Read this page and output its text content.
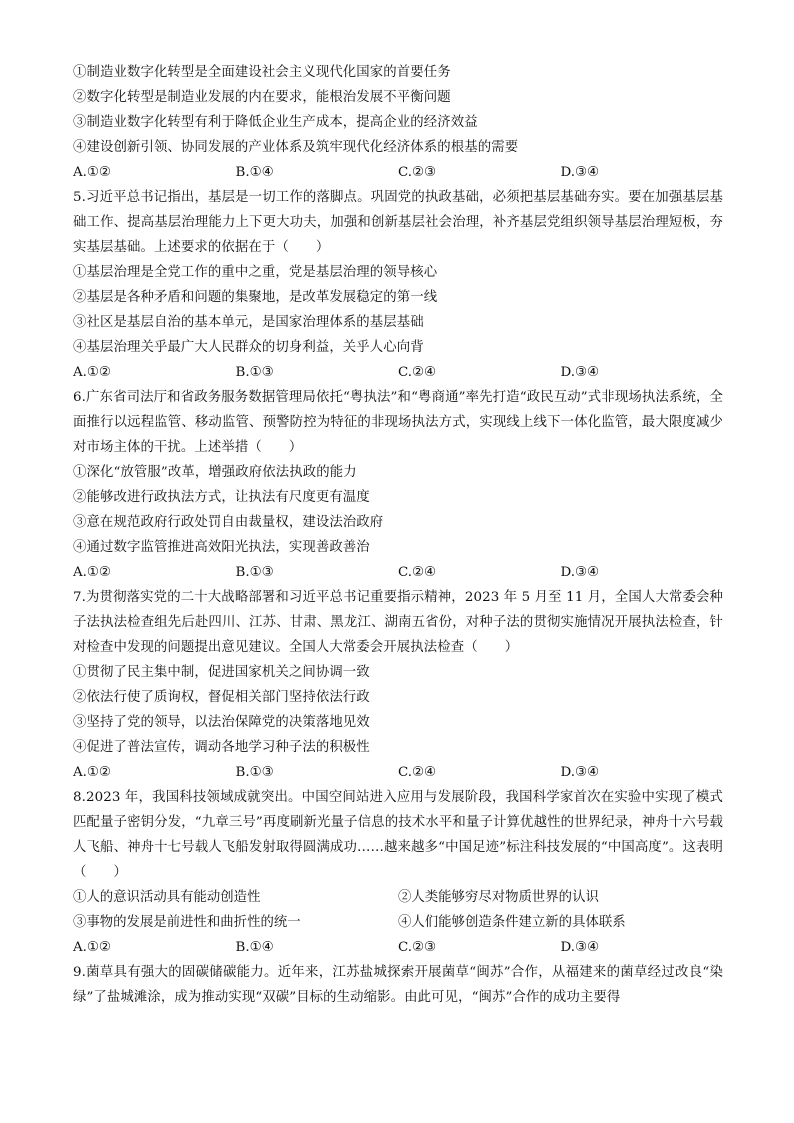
①制造业数字化转型是全面建设社会主义现代化国家的首要任务
②数字化转型是制造业发展的内在要求，能根治发展不平衡问题
③制造业数字化转型有利于降低企业生产成本，提高企业的经济效益
④建设创新引领、协同发展的产业体系及筑牢现代化经济体系的根基的需要
A.①②	B.①④	C.②③	D.③④
5.习近平总书记指出，基层是一切工作的落脚点。巩固党的执政基础，必须把基层基础夯实。要在加强基层基础工作、提高基层治理能力上下更大功夫，加强和创新基层社会治理，补齐基层党组织领导基层治理短板，夯实基层基础。上述要求的依据在于（　　）
①基层治理是全党工作的重中之重，党是基层治理的领导核心
②基层是各种矛盾和问题的集聚地，是改革发展稳定的第一线
③社区是基层自治的基本单元，是国家治理体系的基层基础
④基层治理关乎最广大人民群众的切身利益，关乎人心向背
A.①②	B.①③	C.②④	D.③④
6.广东省司法厅和省政务服务数据管理局依托“粤执法”和“粤商通”率先打造“政民互动”式非现场执法系统，全面推行以远程监管、移动监管、预警防控为特征的非现场执法方式，实现线上线下一体化监管，最大限度减少对市场主体的干扰。上述举措（　　）
①深化“放管服”改革，增强政府依法执政的能力
②能够改进行政执法方式，让执法有尺度更有温度
③意在规范政府行政处罚自由裁量权，建设法治政府
④通过数字监管推进高效阳光执法，实现善政善治
A.①②	B.①③	C.②④	D.③④
7.为贯彻落实党的二十大战略部署和习近平总书记重要指示精神，2023 年 5 月至 11 月，全国人大常委会种子法执法检查组先后赴四川、江苏、甘肃、黑龙江、湖南五省份，对种子法的贯彻实施情况开展执法检查，针对检查中发现的问题提出意见建议。全国人大常委会开展执法检查（　　）
①贯彻了民主集中制，促进国家机关之间协调一致
②依法行使了质询权，督促相关部门坚持依法行政
③坚持了党的领导，以法治保障党的决策落地见效
④促进了普法宣传，调动各地学习种子法的积极性
A.①②	B.①③	C.②④	D.③④
8.2023 年，我国科技领域成就突出。中国空间站进入应用与发展阶段，我国科学家首次在实验中实现了模式匹配量子密钥分发，“九章三号”再度刷新光量子信息的技术水平和量子计算优越性的世界纪录，神舟十六号载人飞船、神舟十七号载人飞船发射取得圆满成功……越来越多“中国足迹”标注科技发展的“中国高度”。这表明（　　）
①人的意识活动具有能动创造性	②人类能够穷尽对物质世界的认识
③事物的发展是前进性和曲折性的统一	④人们能够创造条件建立新的具体联系
A.①②	B.①④	C.②③	D.③④
9.菌草具有强大的固碳储碳能力。近年来，江苏盐城探索开展菌草“闽苏”合作，从福建来的菌草经过改良“染绿”了盐城滩涂，成为推动实现“双碳”目标的生动缩影。由此可见，“闽苏”合作的成功主要得
